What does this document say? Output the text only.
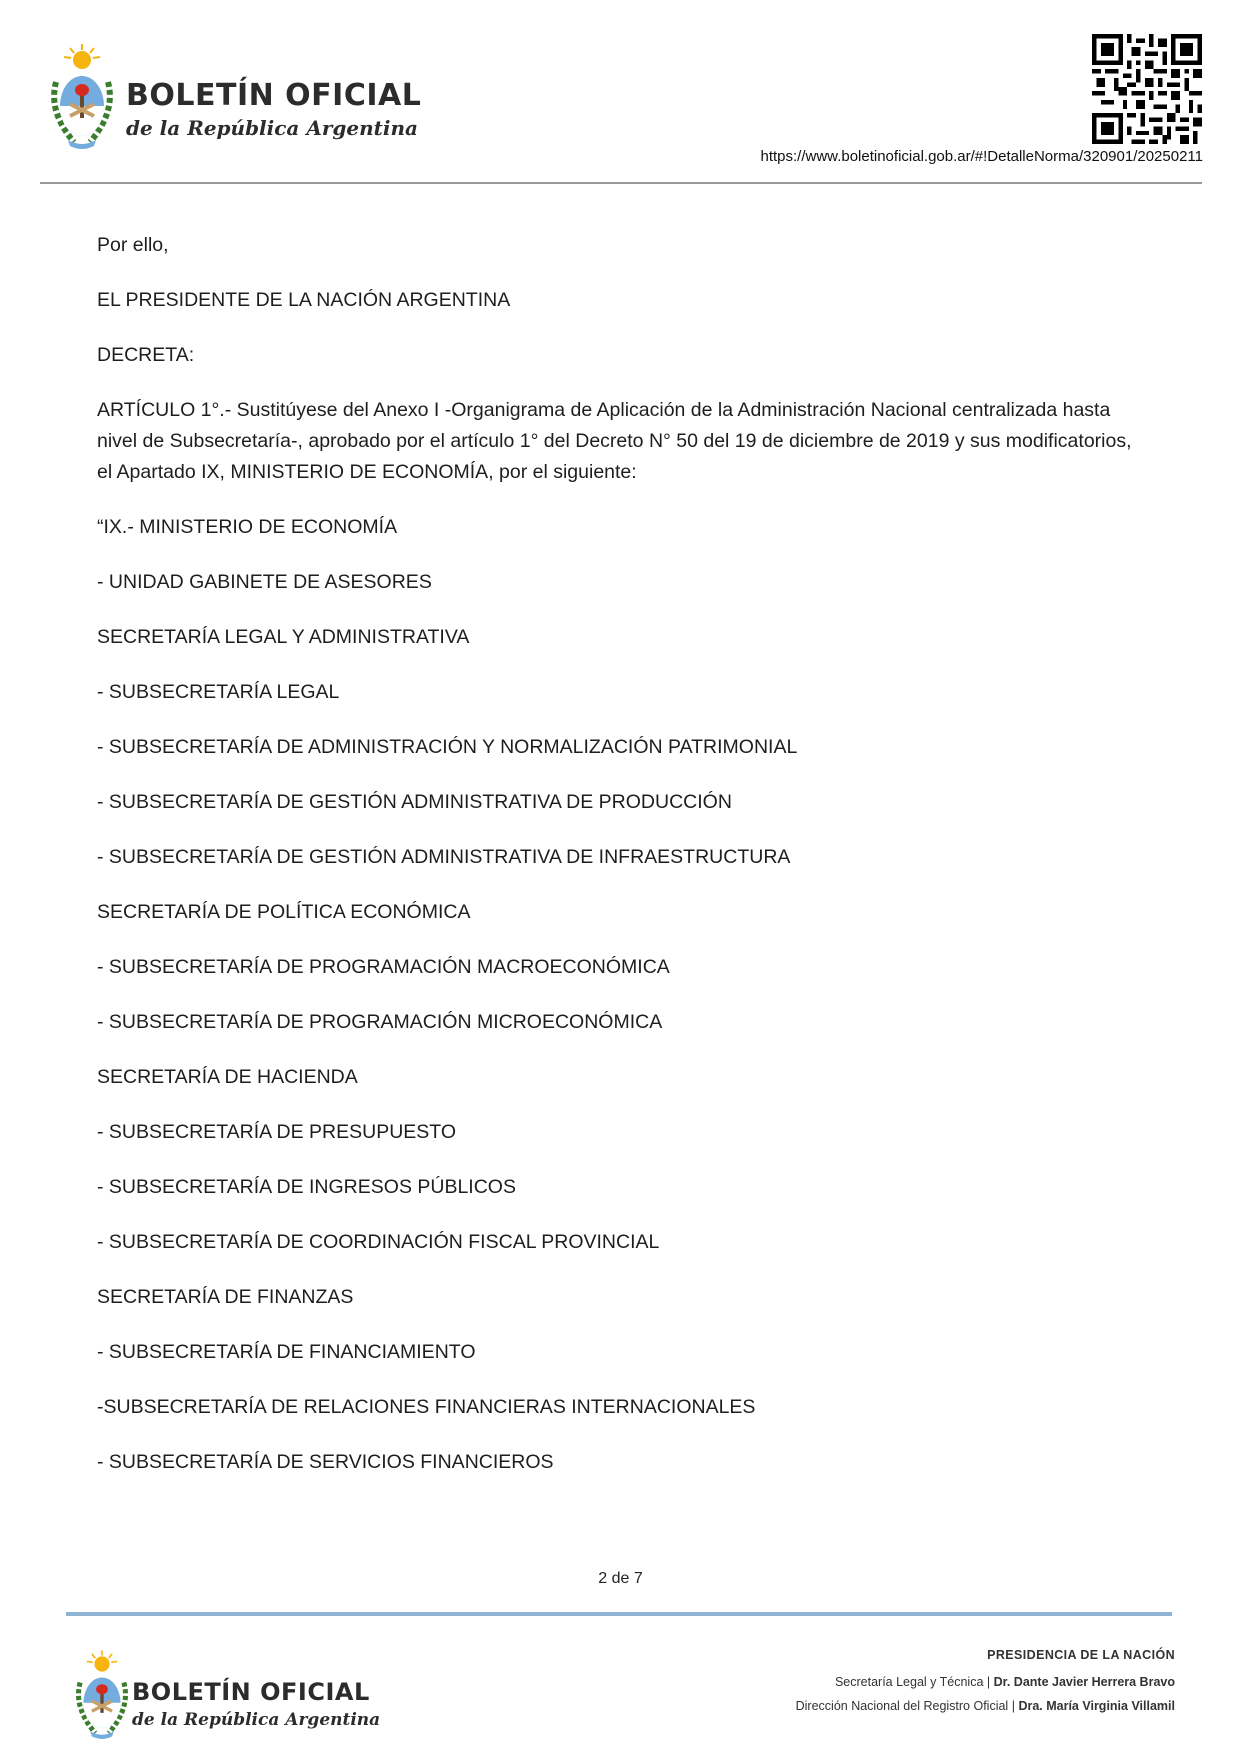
BOLETÍN OFICIAL
de la República Argentina
https://www.boletinoficial.gob.ar/#!DetalleNorma/320901/20250211

Por ello,

EL PRESIDENTE DE LA NACIÓN ARGENTINA

DECRETA:

ARTÍCULO 1°.- Sustitúyese del Anexo I -Organigrama de Aplicación de la Administración Nacional centralizada hasta nivel de Subsecretaría-, aprobado por el artículo 1° del Decreto N° 50 del 19 de diciembre de 2019 y sus modificatorios, el Apartado IX, MINISTERIO DE ECONOMÍA, por el siguiente:

“IX.- MINISTERIO DE ECONOMÍA

- UNIDAD GABINETE DE ASESORES

SECRETARÍA LEGAL Y ADMINISTRATIVA

- SUBSECRETARÍA LEGAL

- SUBSECRETARÍA DE ADMINISTRACIÓN Y NORMALIZACIÓN PATRIMONIAL

- SUBSECRETARÍA DE GESTIÓN ADMINISTRATIVA DE PRODUCCIÓN

- SUBSECRETARÍA DE GESTIÓN ADMINISTRATIVA DE INFRAESTRUCTURA

SECRETARÍA DE POLÍTICA ECONÓMICA

- SUBSECRETARÍA DE PROGRAMACIÓN MACROECONÓMICA

- SUBSECRETARÍA DE PROGRAMACIÓN MICROECONÓMICA

SECRETARÍA DE HACIENDA

- SUBSECRETARÍA DE PRESUPUESTO

- SUBSECRETARÍA DE INGRESOS PÚBLICOS

- SUBSECRETARÍA DE COORDINACIÓN FISCAL PROVINCIAL

SECRETARÍA DE FINANZAS

- SUBSECRETARÍA DE FINANCIAMIENTO

-SUBSECRETARÍA DE RELACIONES FINANCIERAS INTERNACIONALES

- SUBSECRETARÍA DE SERVICIOS FINANCIEROS

2 de 7
BOLETÍN OFICIAL
de la República Argentina
PRESIDENCIA DE LA NACIÓN
Secretaría Legal y Técnica | Dr. Dante Javier Herrera Bravo
Dirección Nacional del Registro Oficial | Dra. María Virginia Villamil
